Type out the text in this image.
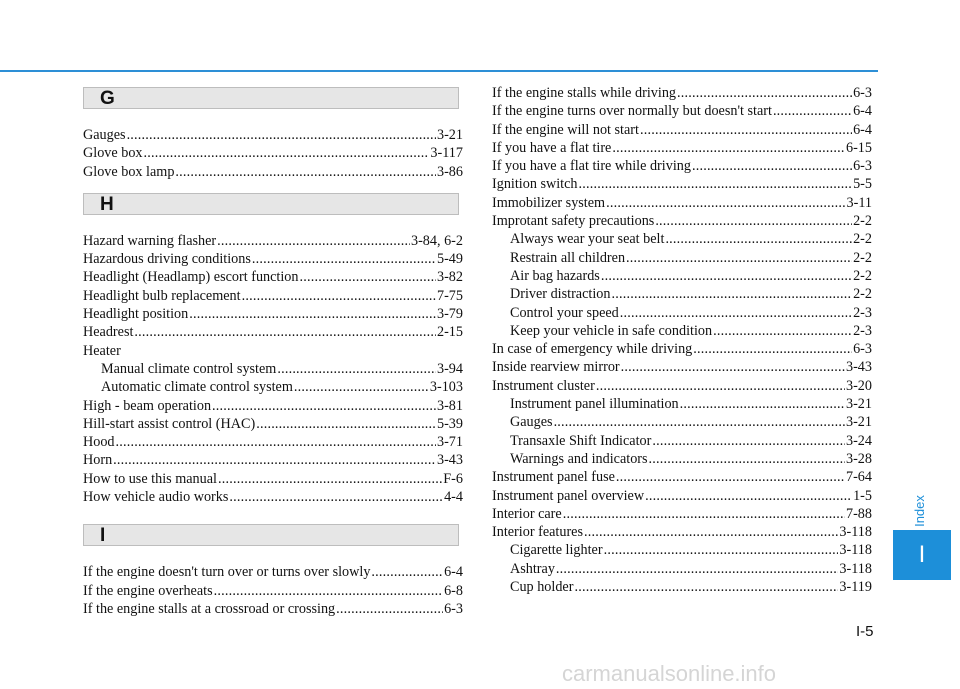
G
Gauges .....	3-21
Glove box .....	3-117
Glove box lamp .....	3-86
H
Hazard warning flasher .....	3-84, 6-2
Hazardous driving conditions .....	5-49
Headlight (Headlamp) escort function .....	3-82
Headlight bulb replacement .....	7-75
Headlight position .....	3-79
Headrest .....	2-15
Heater
Manual climate control system .....	3-94
Automatic climate control system .....	3-103
High - beam operation .....	3-81
Hill-start assist control (HAC) .....	5-39
Hood .....	3-71
Horn .....	3-43
How to use this manual .....	F-6
How vehicle audio works .....	4-4
I
If the engine doesn't turn over or turns over slowly .....	6-4
If the engine overheats .....	6-8
If the engine stalls at a crossroad or crossing .....	6-3
If the engine stalls while driving .....	6-3
If the engine turns over normally but doesn't start .....	6-4
If the engine will not start .....	6-4
If you have a flat tire .....	6-15
If you have a flat tire while driving .....	6-3
Ignition switch .....	5-5
Immobilizer system .....	3-11
Improtant safety precautions .....	2-2
Always wear your seat belt .....	2-2
Restrain all children .....	2-2
Air bag hazards .....	2-2
Driver distraction .....	2-2
Control your speed .....	2-3
Keep your vehicle in safe condition .....	2-3
In case of emergency while driving .....	6-3
Inside rearview mirror .....	3-43
Instrument cluster .....	3-20
Instrument panel illumination .....	3-21
Gauges .....	3-21
Transaxle Shift Indicator .....	3-24
Warnings and indicators .....	3-28
Instrument panel fuse .....	7-64
Instrument panel overview .....	1-5
Interior care .....	7-88
Interior features .....	3-118
Cigarette lighter .....	3-118
Ashtray .....	3-118
Cup holder .....	3-119
Index
I
I-5
carmanualsonline.info
